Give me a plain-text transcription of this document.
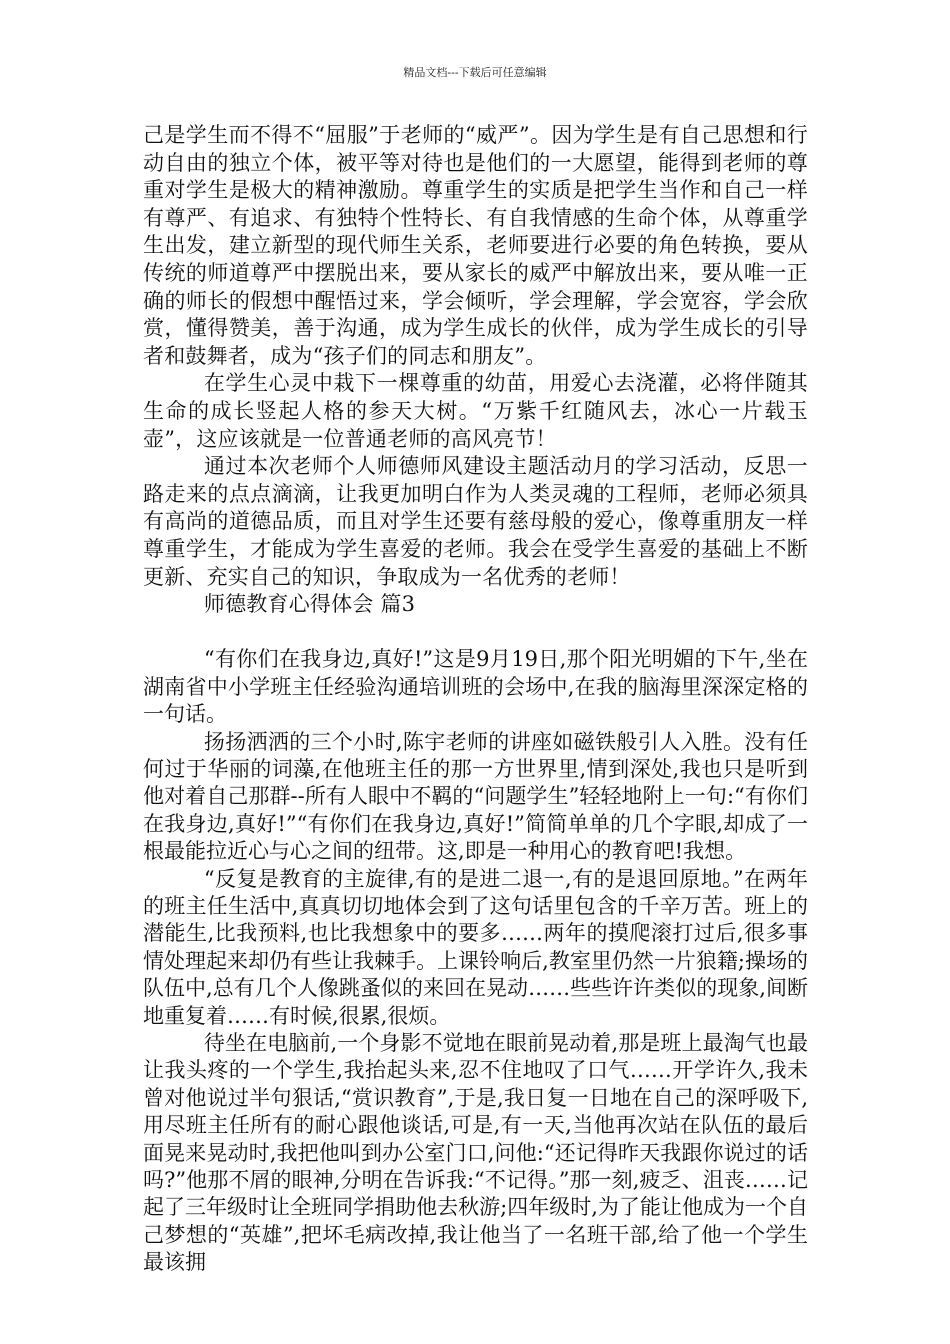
精品文档---下载后可任意编辑

己是学生而不得不“屈服”于老师的“威严”。因为学生是有自己思想和行动自由的独立个体，被平等对待也是他们的一大愿望，能得到老师的尊重对学生是极大的精神激励。尊重学生的实质是把学生当作和自己一样有尊严、有追求、有独特个性特长、有自我情感的生命个体，从尊重学生出发，建立新型的现代师生关系，老师要进行必要的角色转换，要从传统的师道尊严中摆脱出来，要从家长的威严中解放出来，要从唯一正确的师长的假想中醒悟过来，学会倾听，学会理解，学会宽容，学会欣赏，懂得赞美，善于沟通，成为学生成长的伙伴，成为学生成长的引导者和鼓舞者，成为“孩子们的同志和朋友”。

在学生心灵中栽下一棵尊重的幼苗，用爱心去浇灌，必将伴随其生命的成长竖起人格的参天大树。“万紫千红随风去，冰心一片载玉壶”，这应该就是一位普通老师的高风亮节！

通过本次老师个人师德师风建设主题活动月的学习活动，反思一路走来的点点滴滴，让我更加明白作为人类灵魂的工程师，老师必须具有高尚的道德品质，而且对学生还要有慈母般的爱心，像尊重朋友一样尊重学生，才能成为学生喜爱的老师。我会在受学生喜爱的基础上不断更新、充实自己的知识，争取成为一名优秀的老师！

师德教育心得体会 篇3

“有你们在我身边,真好!”这是9月19日,那个阳光明媚的下午,坐在湖南省中小学班主任经验沟通培训班的会场中,在我的脑海里深深定格的一句话。

扬扬洒洒的三个小时,陈宇老师的讲座如磁铁般引人入胜。没有任何过于华丽的词藻,在他班主任的那一方世界里,情到深处,我也只是听到他对着自己那群--所有人眼中不羁的“问题学生”轻轻地附上一句:“有你们在我身边,真好!”“有你们在我身边,真好!”简简单单的几个字眼,却成了一根最能拉近心与心之间的纽带。这,即是一种用心的教育吧!我想。

“反复是教育的主旋律,有的是进二退一,有的是退回原地。”在两年的班主任生活中,真真切切地体会到了这句话里包含的千辛万苦。班上的潜能生,比我预料,也比我想象中的要多……两年的摸爬滚打过后,很多事情处理起来却仍有些让我棘手。上课铃响后,教室里仍然一片狼籍;操场的队伍中,总有几个人像跳蚤似的来回在晃动……些些许许类似的现象,间断地重复着……有时候,很累,很烦。

待坐在电脑前,一个身影不觉地在眼前晃动着,那是班上最淘气也最让我头疼的一个学生,我抬起头来,忍不住地叹了口气……开学许久,我未曾对他说过半句狠话,“赏识教育”,于是,我日复一日地在自己的深呼吸下,用尽班主任所有的耐心跟他谈话,可是,有一天,当他再次站在队伍的最后面晃来晃动时,我把他叫到办公室门口,问他:“还记得昨天我跟你说过的话吗?”他那不屑的眼神,分明在告诉我:“不记得。”那一刻,疲乏、沮丧……记起了三年级时让全班同学捐助他去秋游;四年级时,为了能让他成为一个自己梦想的“英雄”,把坏毛病改掉,我让他当了一名班干部,给了他一个学生最该拥
